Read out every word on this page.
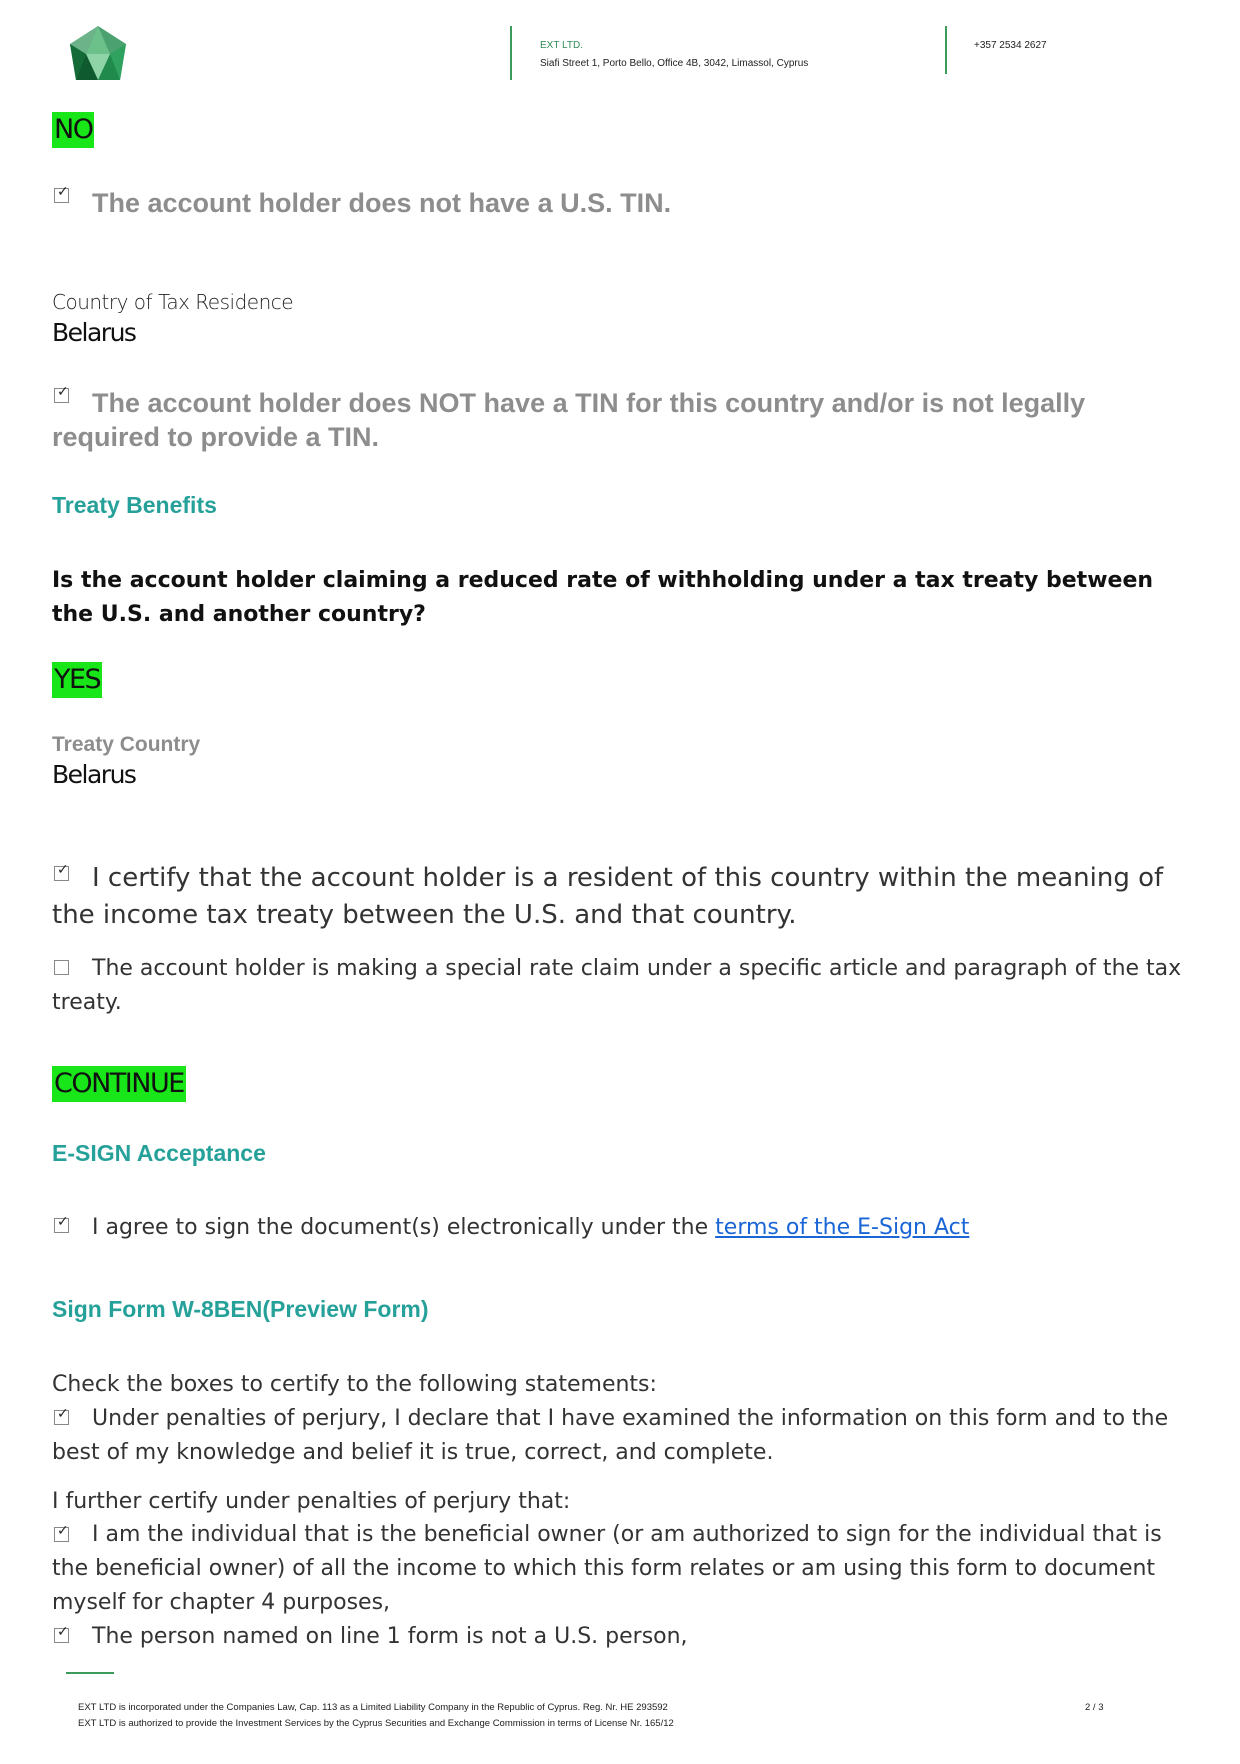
EXT LTD.
Siafi Street 1, Porto Bello, Office 4B, 3042, Limassol, Cyprus
+357 2534 2627
NO
✓ The account holder does not have a U.S. TIN.
Country of Tax Residence
Belarus
✓ The account holder does NOT have a TIN for this country and/or is not legally required to provide a TIN.
Treaty Benefits
Is the account holder claiming a reduced rate of withholding under a tax treaty between the U.S. and another country?
YES
Treaty Country
Belarus
✓ I certify that the account holder is a resident of this country within the meaning of the income tax treaty between the U.S. and that country.
The account holder is making a special rate claim under a specific article and paragraph of the tax treaty.
CONTINUE
E-SIGN Acceptance
✓ I agree to sign the document(s) electronically under the terms of the E-Sign Act
Sign Form W-8BEN(Preview Form)
Check the boxes to certify to the following statements:
✓	Under penalties of perjury, I declare that I have examined the information on this form and to the best of my knowledge and belief it is true, correct, and complete.
I further certify under penalties of perjury that:
✓	I am the individual that is the beneficial owner (or am authorized to sign for the individual that is the beneficial owner) of all the income to which this form relates or am using this form to document myself for chapter 4 purposes,
✓ The person named on line 1 form is not a U.S. person,
EXT LTD is incorporated under the Companies Law, Cap. 113 as a Limited Liability Company in the Republic of Cyprus. Reg. Nr. HE 293592
EXT LTD is authorized to provide the Investment Services by the Cyprus Securities and Exchange Commission in terms of License Nr. 165/12
2 / 3
